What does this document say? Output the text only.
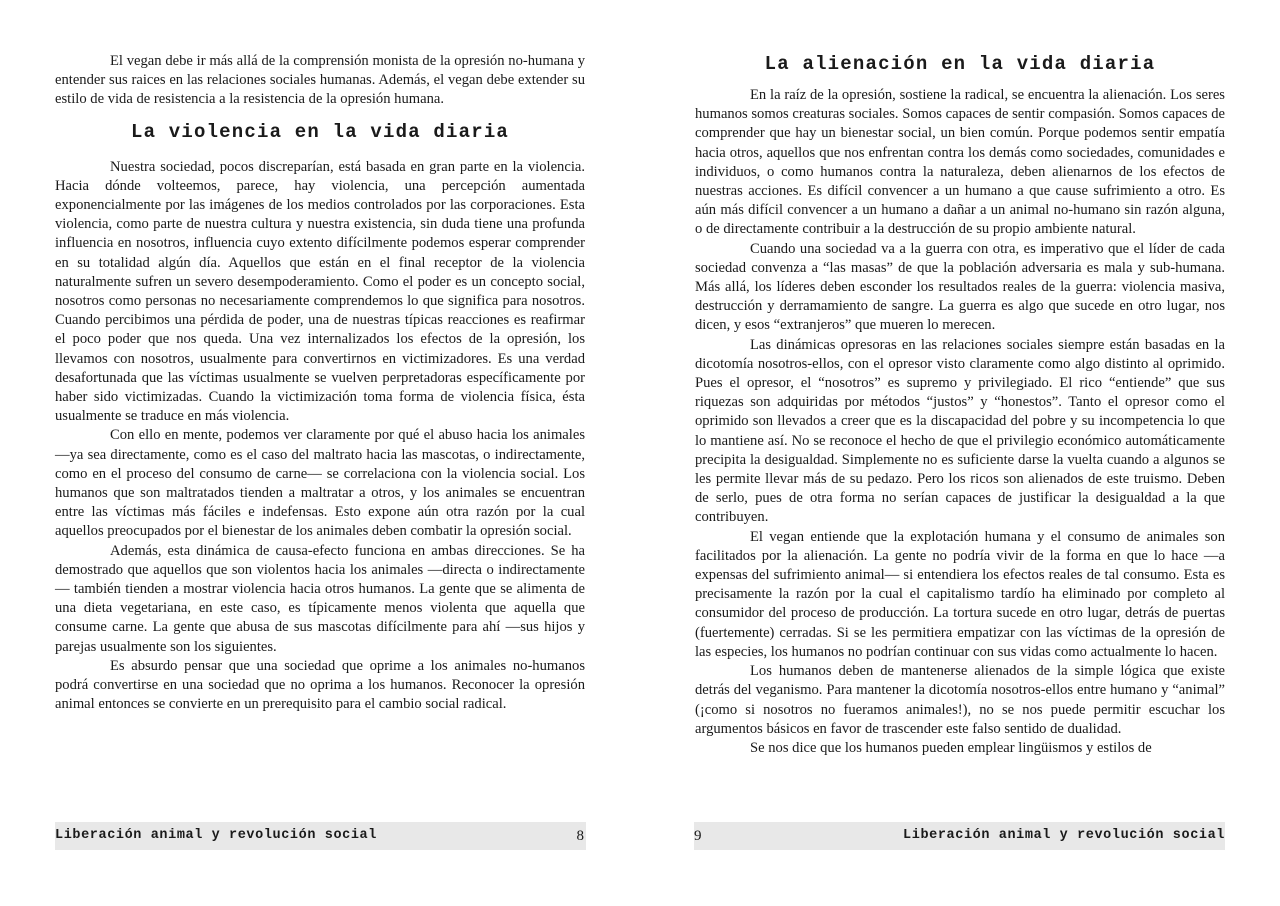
El vegan debe ir más allá de la comprensión monista de la opresión no-humana y entender sus raices en las relaciones sociales humanas. Además, el vegan debe extender su estilo de vida de resistencia a la resistencia de la opresión humana.

La violencia en la vida diaria

Nuestra sociedad, pocos discreparían, está basada en gran parte en la violencia. Hacia dónde volteemos, parece, hay violencia, una percepción aumentada exponencialmente por las imágenes de los medios controlados por las corporaciones. Esta violencia, como parte de nuestra cultura y nuestra existencia, sin duda tiene una profunda influencia en nosotros, influencia cuyo extento difícilmente podemos esperar comprender en su totalidad algún día. Aquellos que están en el final receptor de la violencia naturalmente sufren un severo desempoderamiento. Como el poder es un concepto social, nosotros como personas no necesariamente comprendemos lo que significa para nosotros. Cuando percibimos una pérdida de poder, una de nuestras típicas reacciones es reafirmar el poco poder que nos queda. Una vez internalizados los efectos de la opresión, los llevamos con nosotros, usualmente para convertirnos en victimizadores. Es una verdad desafortunada que las víctimas usualmente se vuelven perpretadoras específicamente por haber sido victimizadas. Cuando la victimización toma forma de violencia física, ésta usualmente se traduce en más violencia.

Con ello en mente, podemos ver claramente por qué el abuso hacia los animales —ya sea directamente, como es el caso del maltrato hacia las mascotas, o indirectamente, como en el proceso del consumo de carne— se correlaciona con la violencia social. Los humanos que son maltratados tienden a maltratar a otros, y los animales se encuentran entre las víctimas más fáciles e indefensas. Esto expone aún otra razón por la cual aquellos preocupados por el bienestar de los animales deben combatir la opresión social.

Además, esta dinámica de causa-efecto funciona en ambas direcciones. Se ha demostrado que aquellos que son violentos hacia los animales —directa o indirectamente— también tienden a mostrar violencia hacia otros humanos. La gente que se alimenta de una dieta vegetariana, en este caso, es típicamente menos violenta que aquella que consume carne. La gente que abusa de sus mascotas difícilmente para ahí —sus hijos y parejas usualmente son los siguientes.

Es absurdo pensar que una sociedad que oprime a los animales no-humanos podrá convertirse en una sociedad que no oprima a los humanos. Reconocer la opresión animal entonces se convierte en un prerequisito para el cambio social radical.

La alienación en la vida diaria

En la raíz de la opresión, sostiene la radical, se encuentra la alienación. Los seres humanos somos creaturas sociales. Somos capaces de sentir compasión. Somos capaces de comprender que hay un bienestar social, un bien común. Porque podemos sentir empatía hacia otros, aquellos que nos enfrentan contra los demás como sociedades, comunidades e individuos, o como humanos contra la naturaleza, deben alienarnos de los efectos de nuestras acciones. Es difícil convencer a un humano a que cause sufrimiento a otro. Es aún más difícil convencer a un humano a dañar a un animal no-humano sin razón alguna, o de directamente contribuir a la destrucción de su propio ambiente natural.

Cuando una sociedad va a la guerra con otra, es imperativo que el líder de cada sociedad convenza a “las masas” de que la población adversaria es mala y sub-humana. Más allá, los líderes deben esconder los resultados reales de la guerra: violencia masiva, destrucción y derramamiento de sangre. La guerra es algo que sucede en otro lugar, nos dicen, y esos “extranjeros” que mueren lo merecen.

Las dinámicas opresoras en las relaciones sociales siempre están basadas en la dicotomía nosotros-ellos, con el opresor visto claramente como algo distinto al oprimido. Pues el opresor, el “nosotros” es supremo y privilegiado. El rico “entiende” que sus riquezas son adquiridas por métodos “justos” y “honestos”. Tanto el opresor como el oprimido son llevados a creer que es la discapacidad del pobre y su incompetencia lo que lo mantiene así. No se reconoce el hecho de que el privilegio económico automáticamente precipita la desigualdad. Simplemente no es suficiente darse la vuelta cuando a algunos se les permite llevar más de su pedazo. Pero los ricos son alienados de este truismo. Deben de serlo, pues de otra forma no serían capaces de justificar la desigualdad a la que contribuyen.

El vegan entiende que la explotación humana y el consumo de animales son facilitados por la alienación. La gente no podría vivir de la forma en que lo hace —a expensas del sufrimiento animal— si entendiera los efectos reales de tal consumo. Esta es precisamente la razón por la cual el capitalismo tardío ha eliminado por completo al consumidor del proceso de producción. La tortura sucede en otro lugar, detrás de puertas (fuertemente) cerradas. Si se les permitiera empatizar con las víctimas de la opresión de las especies, los humanos no podrían continuar con sus vidas como actualmente lo hacen.

Los humanos deben de mantenerse alienados de la simple lógica que existe detrás del veganismo. Para mantener la dicotomía nosotros-ellos entre humano y “animal” (¡como si nosotros no fueramos animales!), no se nos puede permitir escuchar los argumentos básicos en favor de trascender este falso sentido de dualidad.

Se nos dice que los humanos pueden emplear lingüismos y estilos de

Liberación animal y revolución social	8	9	Liberación animal y revolución social
